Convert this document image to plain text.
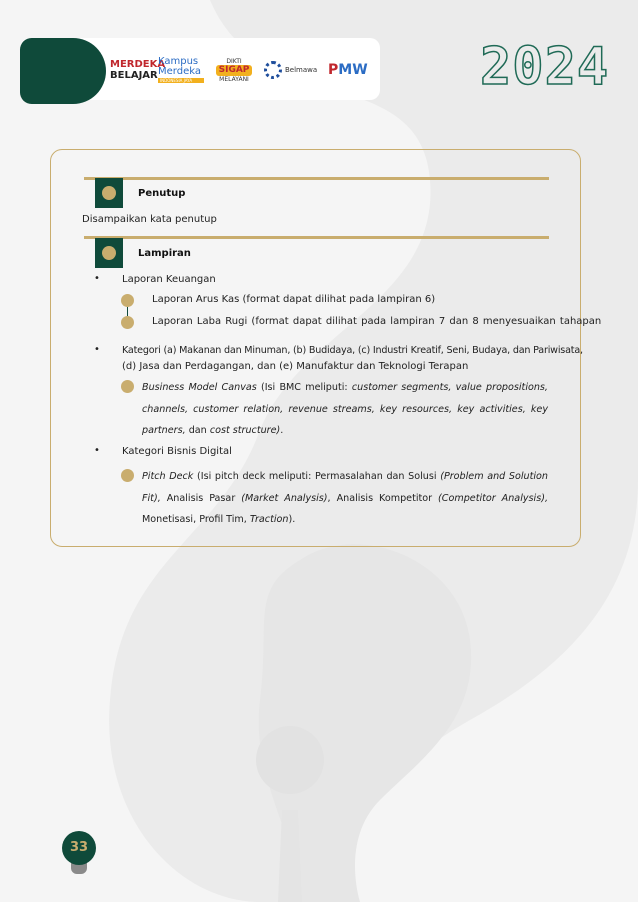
MERDEKA
BELAJAR
Kampus
Merdeka
INDONESIA JAYA
DIKTI
SIGAP
MELAYANI
Belmawa PMW 2024
Penutup
Disampaikan kata penutup
Lampiran
• Laporan Keuangan
Laporan Arus Kas (format dapat dilihat pada lampiran 6)
Laporan Laba Rugi (format dapat dilihat pada lampiran 7 dan 8 menyesuaikan tahapan
• Kategori (a) Makanan dan Minuman, (b) Budidaya, (c) Industri Kreatif, Seni, Budaya, dan Pariwisata,
(d) Jasa dan Perdagangan, dan (e) Manufaktur dan Teknologi Terapan
Business Model Canvas (Isi BMC meliputi: customer segments, value propositions, channels, customer relation, revenue streams, key resources, key activities, key partners, dan cost structure).
• Kategori Bisnis Digital
Pitch Deck (Isi pitch deck meliputi: Permasalahan dan Solusi (Problem and Solution Fit), Analisis Pasar (Market Analysis), Analisis Kompetitor (Competitor Analysis), Monetisasi, Profil Tim, Traction).
33
